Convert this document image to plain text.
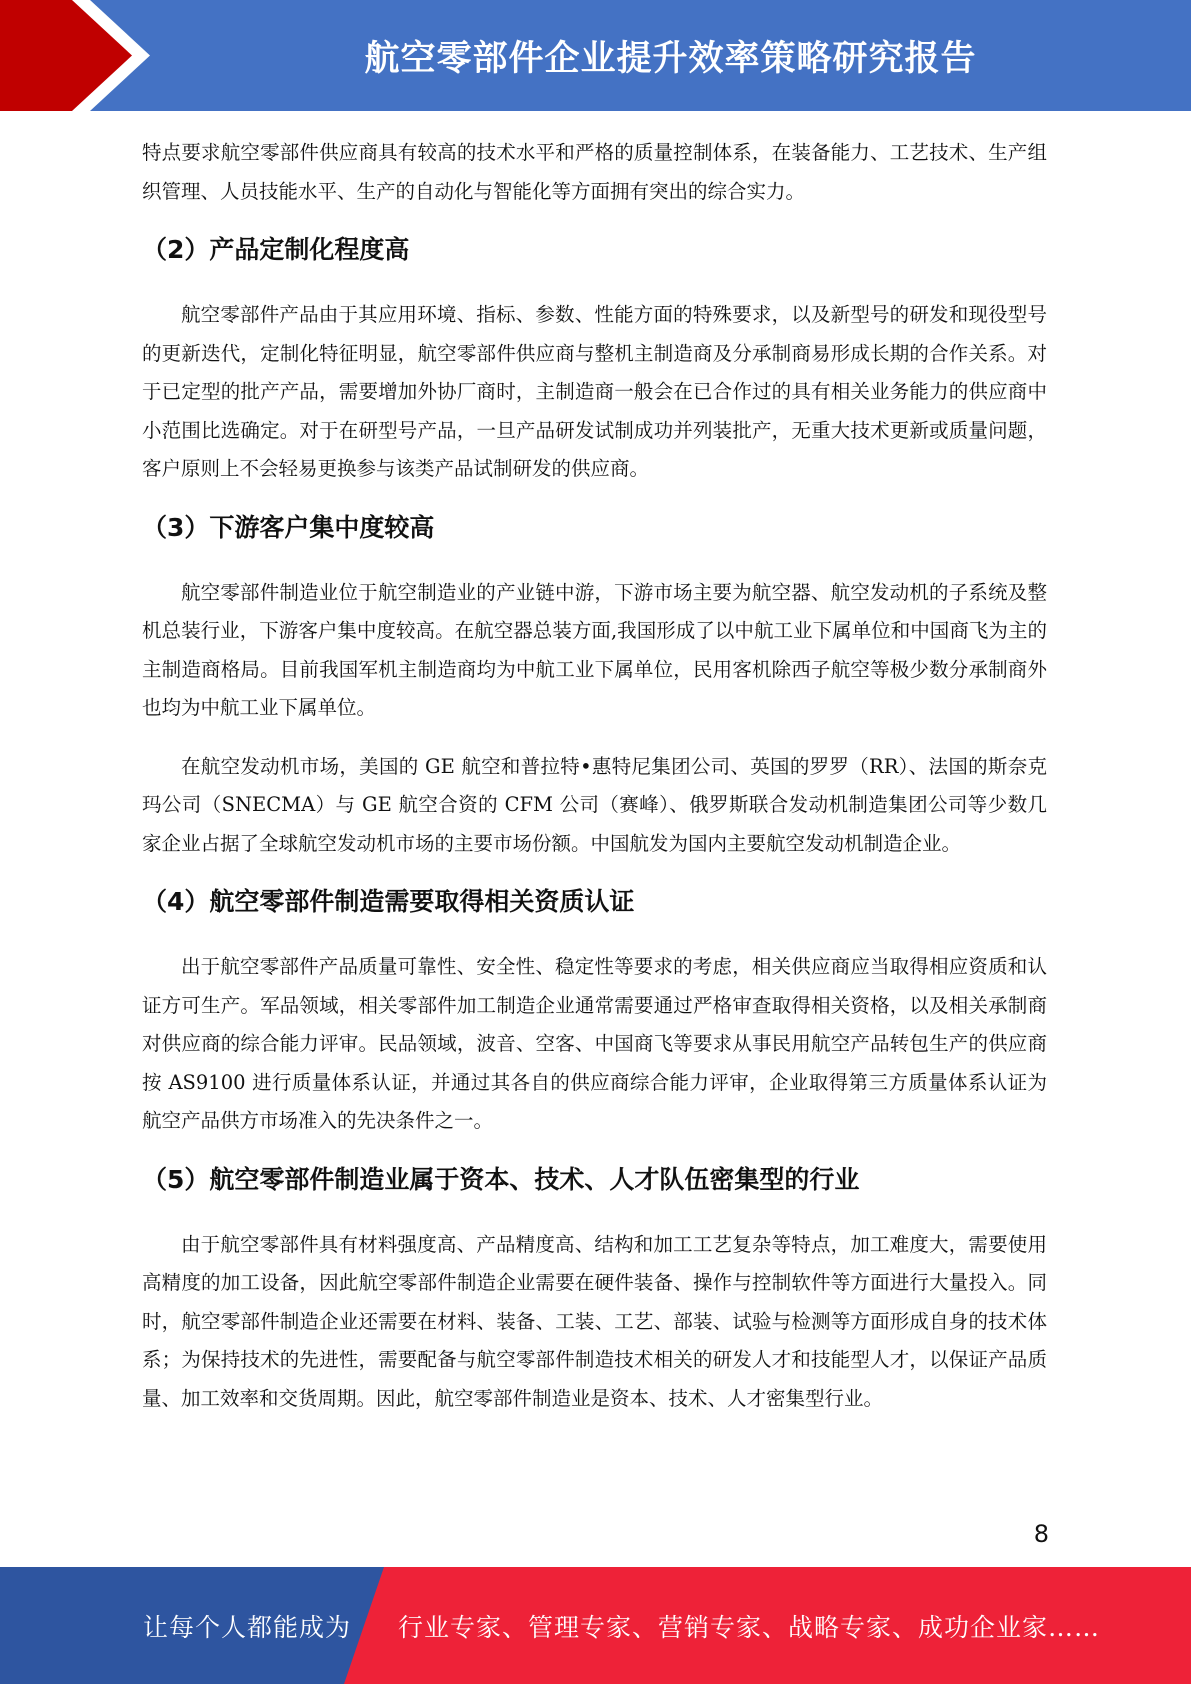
航空零部件企业提升效率策略研究报告

特点要求航空零部件供应商具有较高的技术水平和严格的质量控制体系，在装备能力、工艺技术、生产组织管理、人员技能水平、生产的自动化与智能化等方面拥有突出的综合实力。

（2）产品定制化程度高

航空零部件产品由于其应用环境、指标、参数、性能方面的特殊要求，以及新型号的研发和现役型号的更新迭代，定制化特征明显，航空零部件供应商与整机主制造商及分承制商易形成长期的合作关系。对于已定型的批产产品，需要增加外协厂商时，主制造商一般会在已合作过的具有相关业务能力的供应商中小范围比选确定。对于在研型号产品，一旦产品研发试制成功并列装批产，无重大技术更新或质量问题，客户原则上不会轻易更换参与该类产品试制研发的供应商。

（3）下游客户集中度较高

航空零部件制造业位于航空制造业的产业链中游，下游市场主要为航空器、航空发动机的子系统及整机总装行业，下游客户集中度较高。在航空器总装方面,我国形成了以中航工业下属单位和中国商飞为主的主制造商格局。目前我国军机主制造商均为中航工业下属单位，民用客机除西子航空等极少数分承制商外也均为中航工业下属单位。

在航空发动机市场，美国的 GE 航空和普拉特•惠特尼集团公司、英国的罗罗（RR）、法国的斯奈克玛公司（SNECMA）与 GE 航空合资的 CFM 公司（赛峰）、俄罗斯联合发动机制造集团公司等少数几家企业占据了全球航空发动机市场的主要市场份额。中国航发为国内主要航空发动机制造企业。

（4）航空零部件制造需要取得相关资质认证

出于航空零部件产品质量可靠性、安全性、稳定性等要求的考虑，相关供应商应当取得相应资质和认证方可生产。军品领域，相关零部件加工制造企业通常需要通过严格审查取得相关资格，以及相关承制商对供应商的综合能力评审。民品领域，波音、空客、中国商飞等要求从事民用航空产品转包生产的供应商按 AS9100 进行质量体系认证，并通过其各自的供应商综合能力评审，企业取得第三方质量体系认证为航空产品供方市场准入的先决条件之一。

（5）航空零部件制造业属于资本、技术、人才队伍密集型的行业

由于航空零部件具有材料强度高、产品精度高、结构和加工工艺复杂等特点，加工难度大，需要使用高精度的加工设备，因此航空零部件制造企业需要在硬件装备、操作与控制软件等方面进行大量投入。同时，航空零部件制造企业还需要在材料、装备、工装、工艺、部装、试验与检测等方面形成自身的技术体系；为保持技术的先进性，需要配备与航空零部件制造技术相关的研发人才和技能型人才，以保证产品质量、加工效率和交货周期。因此，航空零部件制造业是资本、技术、人才密集型行业。

8
让每个人都能成为 行业专家、管理专家、营销专家、战略专家、成功企业家……
